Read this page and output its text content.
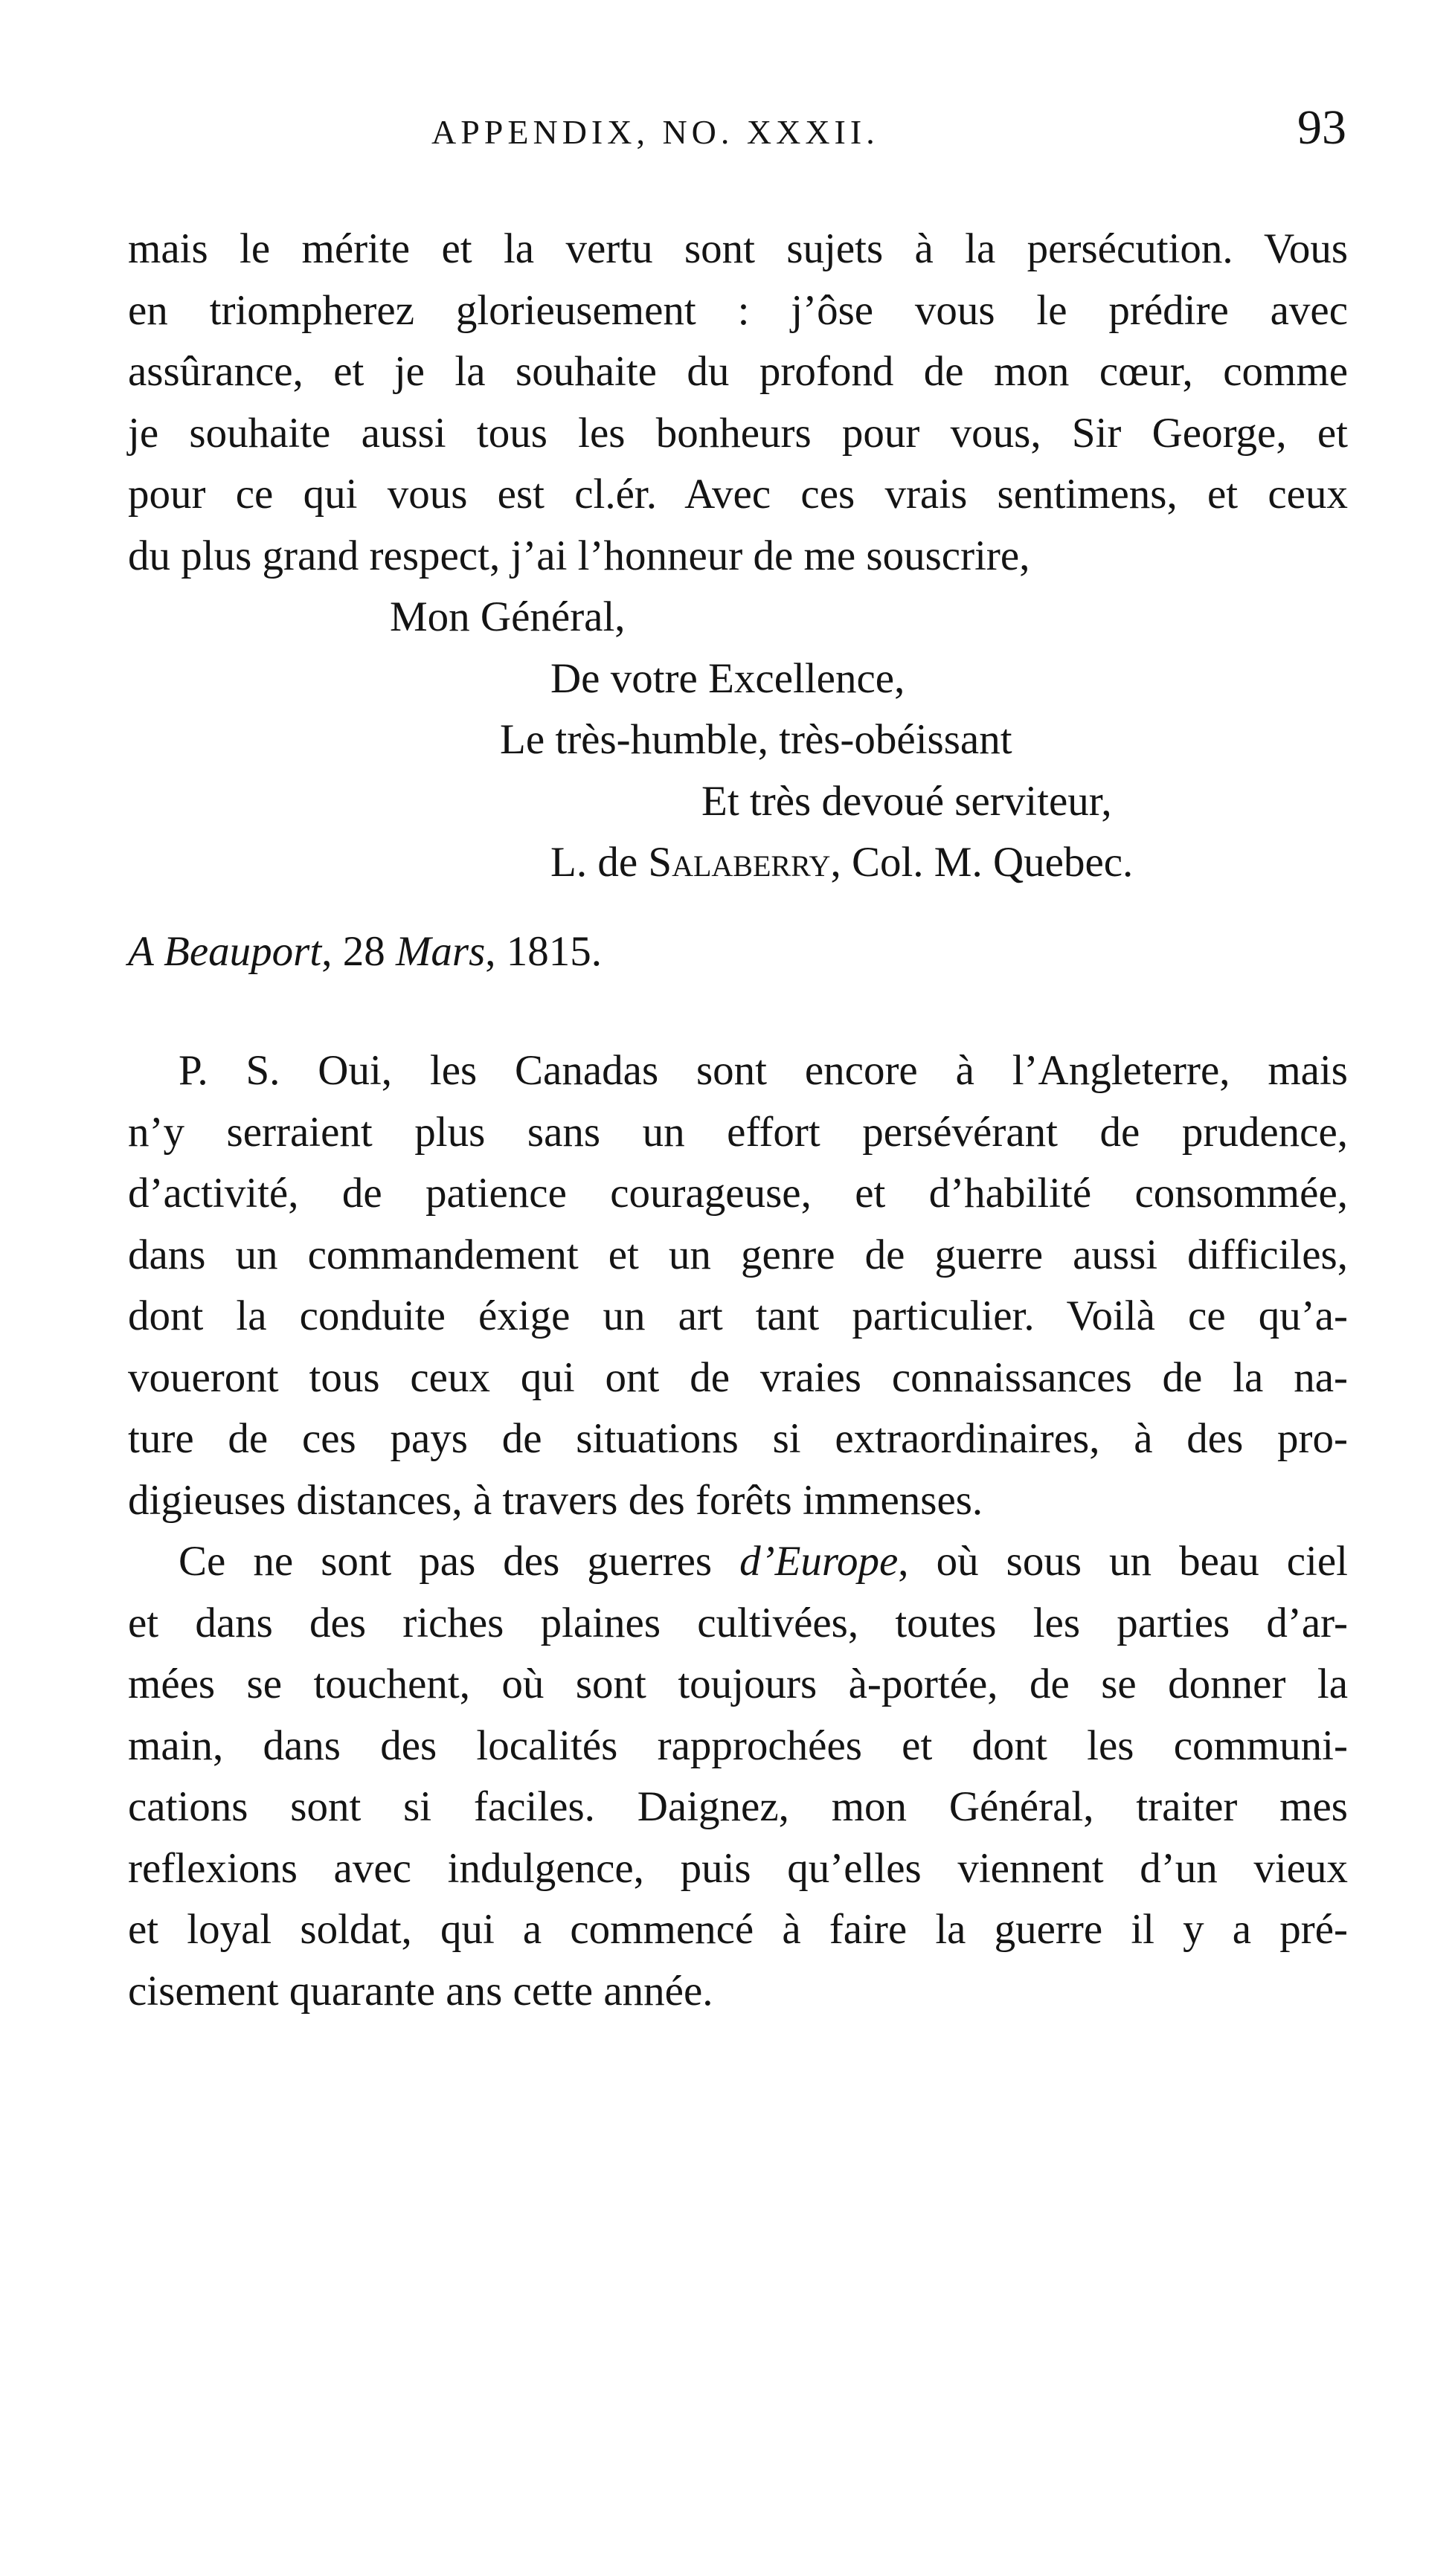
APPENDIX, NO. XXXII.	93
mais le mérite et la vertu sont sujets à la persécution. Vous
en triompherez glorieusement : j’ôse vous le prédire avec
assûrance, et je la souhaite du profond de mon cœur, comme
je souhaite aussi tous les bonheurs pour vous, Sir George, et
pour ce qui vous est cl.ér. Avec ces vrais sentimens, et ceux
du plus grand respect, j’ai l’honneur de me souscrire,
Mon Général,
De votre Excellence,
Le très-humble, très-obéissant
Et très devoué serviteur,
L. de Salaberry, Col. M. Quebec.
A Beauport, 28 Mars, 1815.
P. S. Oui, les Canadas sont encore à l’Angleterre, mais
n’y serraient plus sans un effort persévérant de prudence,
d’activité, de patience courageuse, et d’habilité consommée,
dans un commandement et un genre de guerre aussi difficiles,
dont la conduite éxige un art tant particulier. Voilà ce qu’a-
voueront tous ceux qui ont de vraies connaissances de la na-
ture de ces pays de situations si extraordinaires, à des pro-
digieuses distances, à travers des forêts immenses.
Ce ne sont pas des guerres d’Europe, où sous un beau ciel
et dans des riches plaines cultivées, toutes les parties d’ar-
mées se touchent, où sont toujours à-portée, de se donner la
main, dans des localités rapprochées et dont les communi-
cations sont si faciles. Daignez, mon Général, traiter mes
reflexions avec indulgence, puis qu’elles viennent d’un vieux
et loyal soldat, qui a commencé à faire la guerre il y a pré-
cisement quarante ans cette année.
